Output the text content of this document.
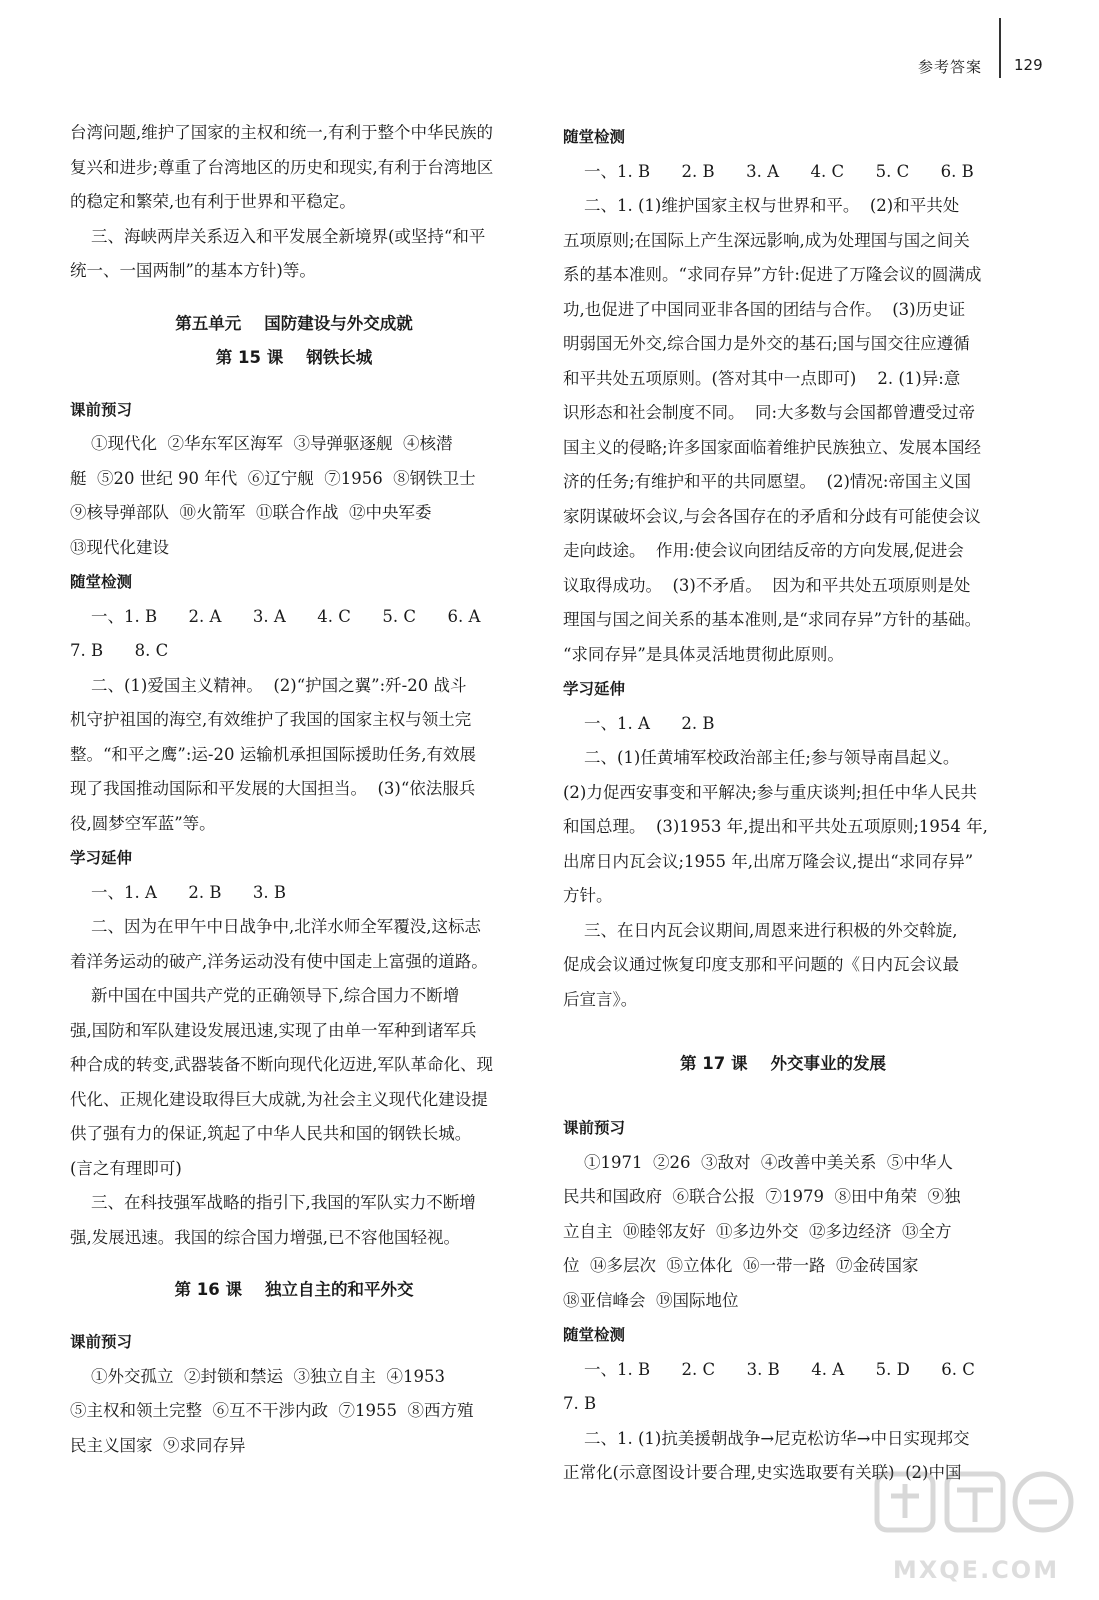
参考答案 129
台湾问题,维护了国家的主权和统一,有利于整个中华民族的
复兴和进步;尊重了台湾地区的历史和现实,有利于台湾地区
的稳定和繁荣,也有利于世界和平稳定。
三、海峡两岸关系迈入和平发展全新境界(或坚持“和平
统一、一国两制”的基本方针)等。
第五单元    国防建设与外交成就
第 15 课    钢铁长城
课前预习
①现代化  ②华东军区海军  ③导弹驱逐舰  ④核潜
艇  ⑤20 世纪 90 年代  ⑥辽宁舰  ⑦1956  ⑧钢铁卫士
⑨核导弹部队  ⑩火箭军  ⑪联合作战  ⑫中央军委
⑬现代化建设
随堂检测
一、1. B      2. A      3. A      4. C      5. C      6. A
7. B      8. C
二、(1)爱国主义精神。  (2)“护国之翼”:歼-20 战斗
机守护祖国的海空,有效维护了我国的国家主权与领土完
整。“和平之鹰”:运-20 运输机承担国际援助任务,有效展
现了我国推动国际和平发展的大国担当。  (3)“依法服兵
役,圆梦空军蓝”等。
学习延伸
一、1. A      2. B      3. B
二、因为在甲午中日战争中,北洋水师全军覆没,这标志
着洋务运动的破产,洋务运动没有使中国走上富强的道路。
新中国在中国共产党的正确领导下,综合国力不断增
强,国防和军队建设发展迅速,实现了由单一军种到诸军兵
种合成的转变,武器装备不断向现代化迈进,军队革命化、现
代化、正规化建设取得巨大成就,为社会主义现代化建设提
供了强有力的保证,筑起了中华人民共和国的钢铁长城。
(言之有理即可)
三、在科技强军战略的指引下,我国的军队实力不断增
强,发展迅速。我国的综合国力增强,已不容他国轻视。
第 16 课    独立自主的和平外交
课前预习
①外交孤立  ②封锁和禁运  ③独立自主  ④1953
⑤主权和领土完整  ⑥互不干涉内政  ⑦1955  ⑧西方殖
民主义国家  ⑨求同存异
随堂检测
一、1. B      2. B      3. A      4. C      5. C      6. B
二、1. (1)维护国家主权与世界和平。  (2)和平共处
五项原则;在国际上产生深远影响,成为处理国与国之间关
系的基本准则。“求同存异”方针:促进了万隆会议的圆满成
功,也促进了中国同亚非各国的团结与合作。  (3)历史证
明弱国无外交,综合国力是外交的基石;国与国交往应遵循
和平共处五项原则。(答对其中一点即可)    2. (1)异:意
识形态和社会制度不同。  同:大多数与会国都曾遭受过帝
国主义的侵略;许多国家面临着维护民族独立、发展本国经
济的任务;有维护和平的共同愿望。  (2)情况:帝国主义国
家阴谋破坏会议,与会各国存在的矛盾和分歧有可能使会议
走向歧途。  作用:使会议向团结反帝的方向发展,促进会
议取得成功。  (3)不矛盾。  因为和平共处五项原则是处
理国与国之间关系的基本准则,是“求同存异”方针的基础。
“求同存异”是具体灵活地贯彻此原则。
学习延伸
一、1. A      2. B
二、(1)任黄埔军校政治部主任;参与领导南昌起义。
(2)力促西安事变和平解决;参与重庆谈判;担任中华人民共
和国总理。  (3)1953 年,提出和平共处五项原则;1954 年,
出席日内瓦会议;1955 年,出席万隆会议,提出“求同存异”
方针。
三、在日内瓦会议期间,周恩来进行积极的外交斡旋,
促成会议通过恢复印度支那和平问题的《日内瓦会议最
后宣言》。
第 17 课    外交事业的发展
课前预习
①1971  ②26  ③敌对  ④改善中美关系  ⑤中华人
民共和国政府  ⑥联合公报  ⑦1979  ⑧田中角荣  ⑨独
立自主  ⑩睦邻友好  ⑪多边外交  ⑫多边经济  ⑬全方
位  ⑭多层次  ⑮立体化  ⑯一带一路  ⑰金砖国家
⑱亚信峰会  ⑲国际地位
随堂检测
一、1. B      2. C      3. B      4. A      5. D      6. C
7. B
二、1. (1)抗美援朝战争→尼克松访华→中日实现邦交
正常化(示意图设计要合理,史实选取要有关联)  (2)中国
MXQE.COM
